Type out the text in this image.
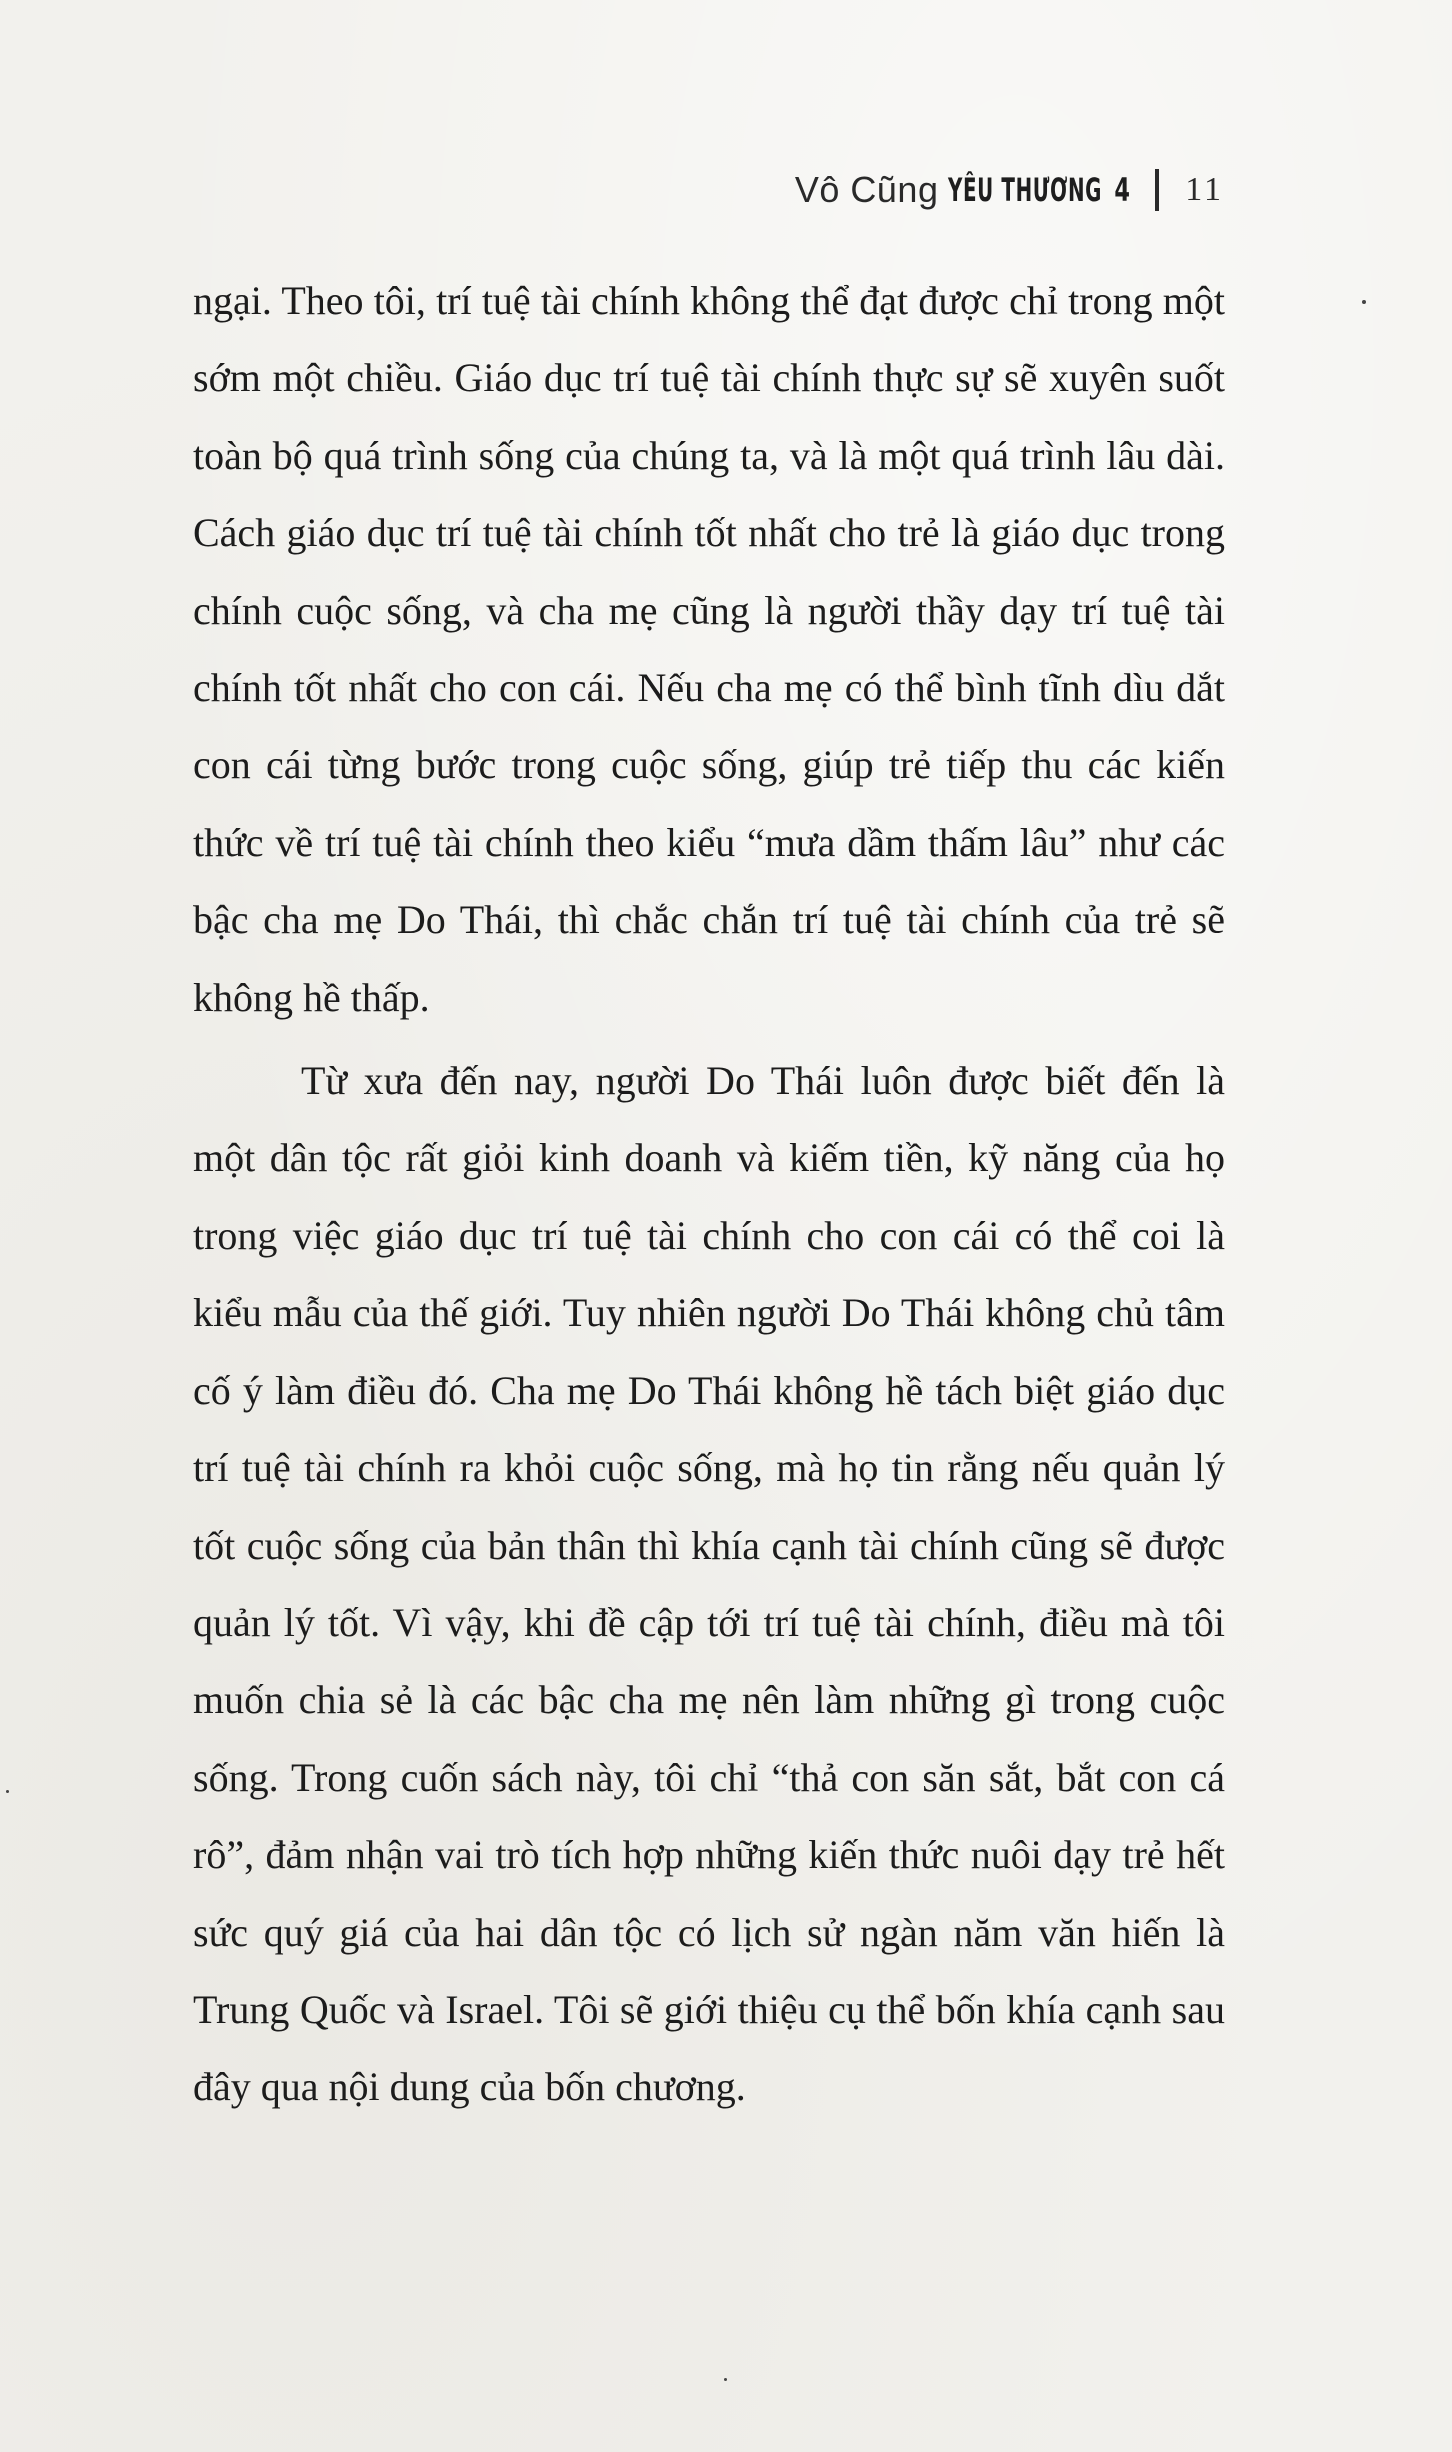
Vô Cũng YÊU THƯƠNG 4 11

ngại. Theo tôi, trí tuệ tài chính không thể đạt được chỉ trong một sớm một chiều. Giáo dục trí tuệ tài chính thực sự sẽ xuyên suốt toàn bộ quá trình sống của chúng ta, và là một quá trình lâu dài. Cách giáo dục trí tuệ tài chính tốt nhất cho trẻ là giáo dục trong chính cuộc sống, và cha mẹ cũng là người thầy dạy trí tuệ tài chính tốt nhất cho con cái. Nếu cha mẹ có thể bình tĩnh dìu dắt con cái từng bước trong cuộc sống, giúp trẻ tiếp thu các kiến thức về trí tuệ tài chính theo kiểu “mưa dầm thấm lâu” như các bậc cha mẹ Do Thái, thì chắc chắn trí tuệ tài chính của trẻ sẽ không hề thấp.

Từ xưa đến nay, người Do Thái luôn được biết đến là một dân tộc rất giỏi kinh doanh và kiếm tiền, kỹ năng của họ trong việc giáo dục trí tuệ tài chính cho con cái có thể coi là kiểu mẫu của thế giới. Tuy nhiên người Do Thái không chủ tâm cố ý làm điều đó. Cha mẹ Do Thái không hề tách biệt giáo dục trí tuệ tài chính ra khỏi cuộc sống, mà họ tin rằng nếu quản lý tốt cuộc sống của bản thân thì khía cạnh tài chính cũng sẽ được quản lý tốt. Vì vậy, khi đề cập tới trí tuệ tài chính, điều mà tôi muốn chia sẻ là các bậc cha mẹ nên làm những gì trong cuộc sống. Trong cuốn sách này, tôi chỉ “thả con săn sắt, bắt con cá rô”, đảm nhận vai trò tích hợp những kiến thức nuôi dạy trẻ hết sức quý giá của hai dân tộc có lịch sử ngàn năm văn hiến là Trung Quốc và Israel. Tôi sẽ giới thiệu cụ thể bốn khía cạnh sau đây qua nội dung của bốn chương.
